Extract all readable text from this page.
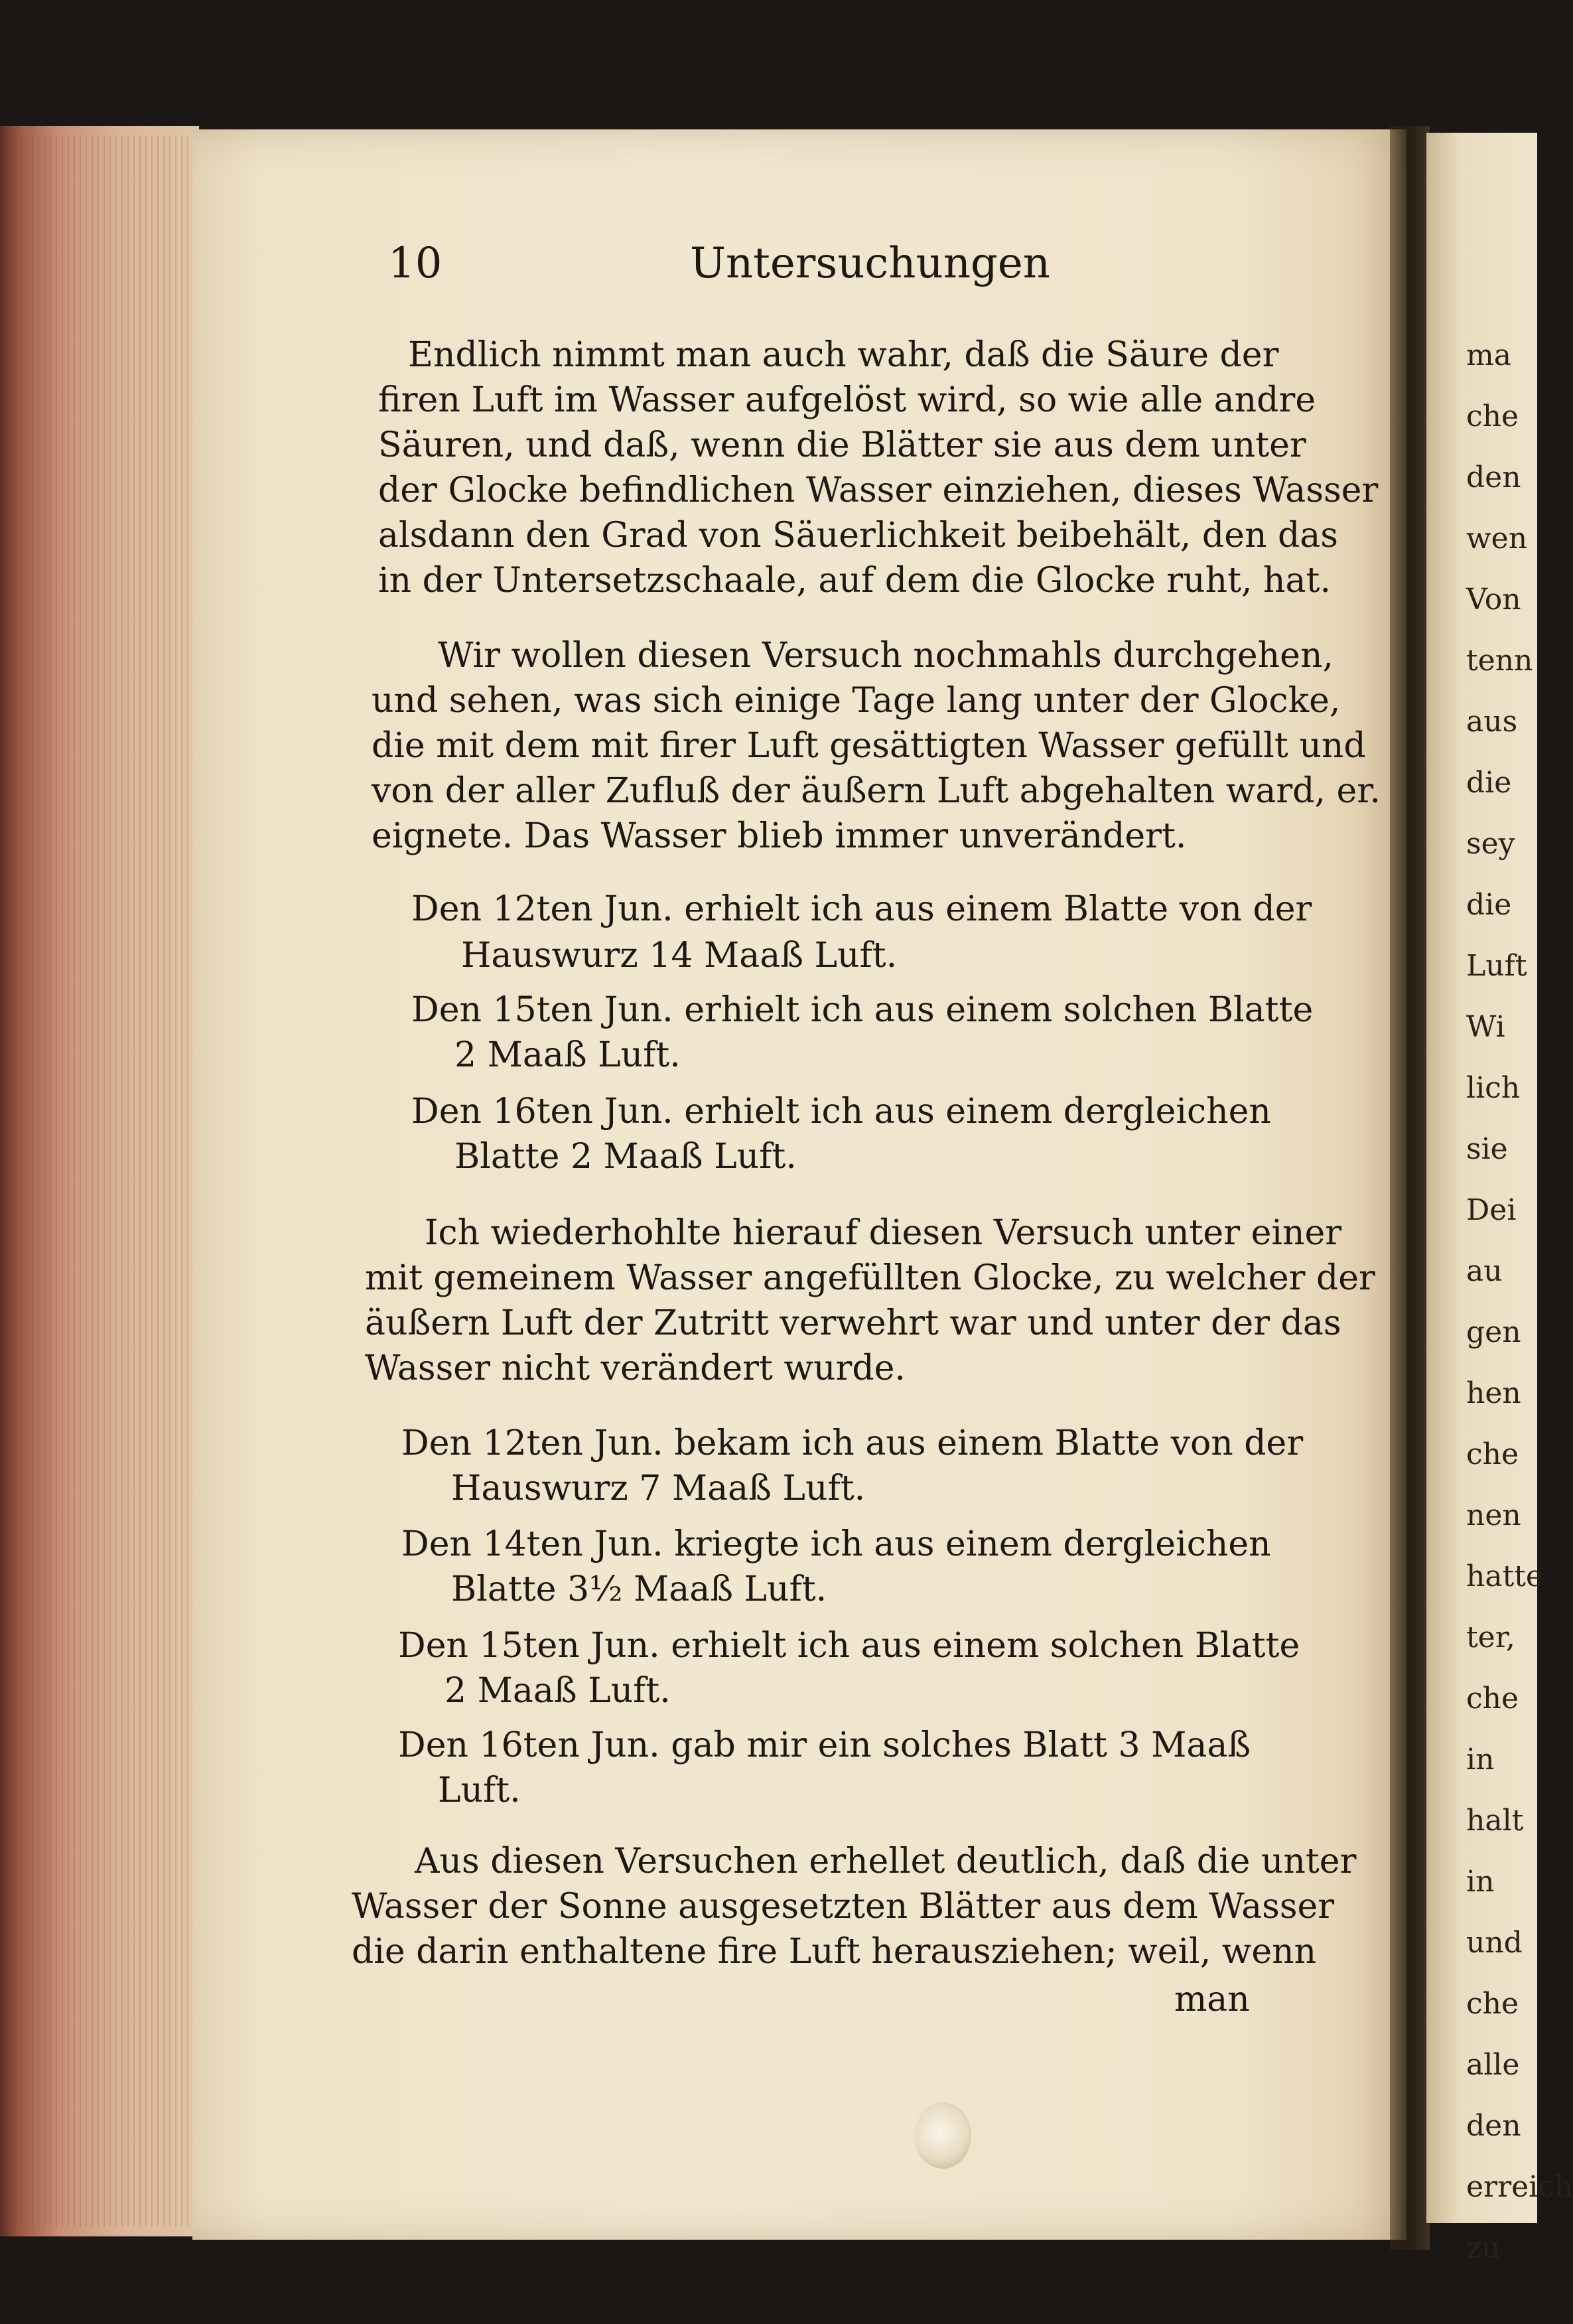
ma
che
den
wen
Von
tenn
aus
die
sey
die
Luft
Wi
lich
sie
Dei
au
gen
hen
che
nen
hatte
ter,
che
in
halt
in
und
che
alle
den
erreich
zu
10	Untersuchungen
Endlich nimmt man auch wahr, daß die Säure der
firen Luft im Wasser aufgelöst wird, so wie alle andre
Säuren, und daß, wenn die Blätter sie aus dem unter
der Glocke befindlichen Wasser einziehen, dieses Wasser
alsdann den Grad von Säuerlichkeit beibehält, den das
in der Untersetzschaale, auf dem die Glocke ruht, hat.
Wir wollen diesen Versuch nochmahls durchgehen,
und sehen, was sich einige Tage lang unter der Glocke,
die mit dem mit firer Luft gesättigten Wasser gefüllt und
von der aller Zufluß der äußern Luft abgehalten ward, er.
eignete. Das Wasser blieb immer unverändert.
Den 12ten Jun. erhielt ich aus einem Blatte von der
Hauswurz 14 Maaß Luft.
Den 15ten Jun. erhielt ich aus einem solchen Blatte
2 Maaß Luft.
Den 16ten Jun. erhielt ich aus einem dergleichen
Blatte 2 Maaß Luft.
Ich wiederhohlte hierauf diesen Versuch unter einer
mit gemeinem Wasser angefüllten Glocke, zu welcher der
äußern Luft der Zutritt verwehrt war und unter der das
Wasser nicht verändert wurde.
Den 12ten Jun. bekam ich aus einem Blatte von der
Hauswurz 7 Maaß Luft.
Den 14ten Jun. kriegte ich aus einem dergleichen
Blatte 3½ Maaß Luft.
Den 15ten Jun. erhielt ich aus einem solchen Blatte
2 Maaß Luft.
Den 16ten Jun. gab mir ein solches Blatt 3 Maaß
Luft.
Aus diesen Versuchen erhellet deutlich, daß die unter
Wasser der Sonne ausgesetzten Blätter aus dem Wasser
die darin enthaltene fire Luft herausziehen; weil, wenn
man
